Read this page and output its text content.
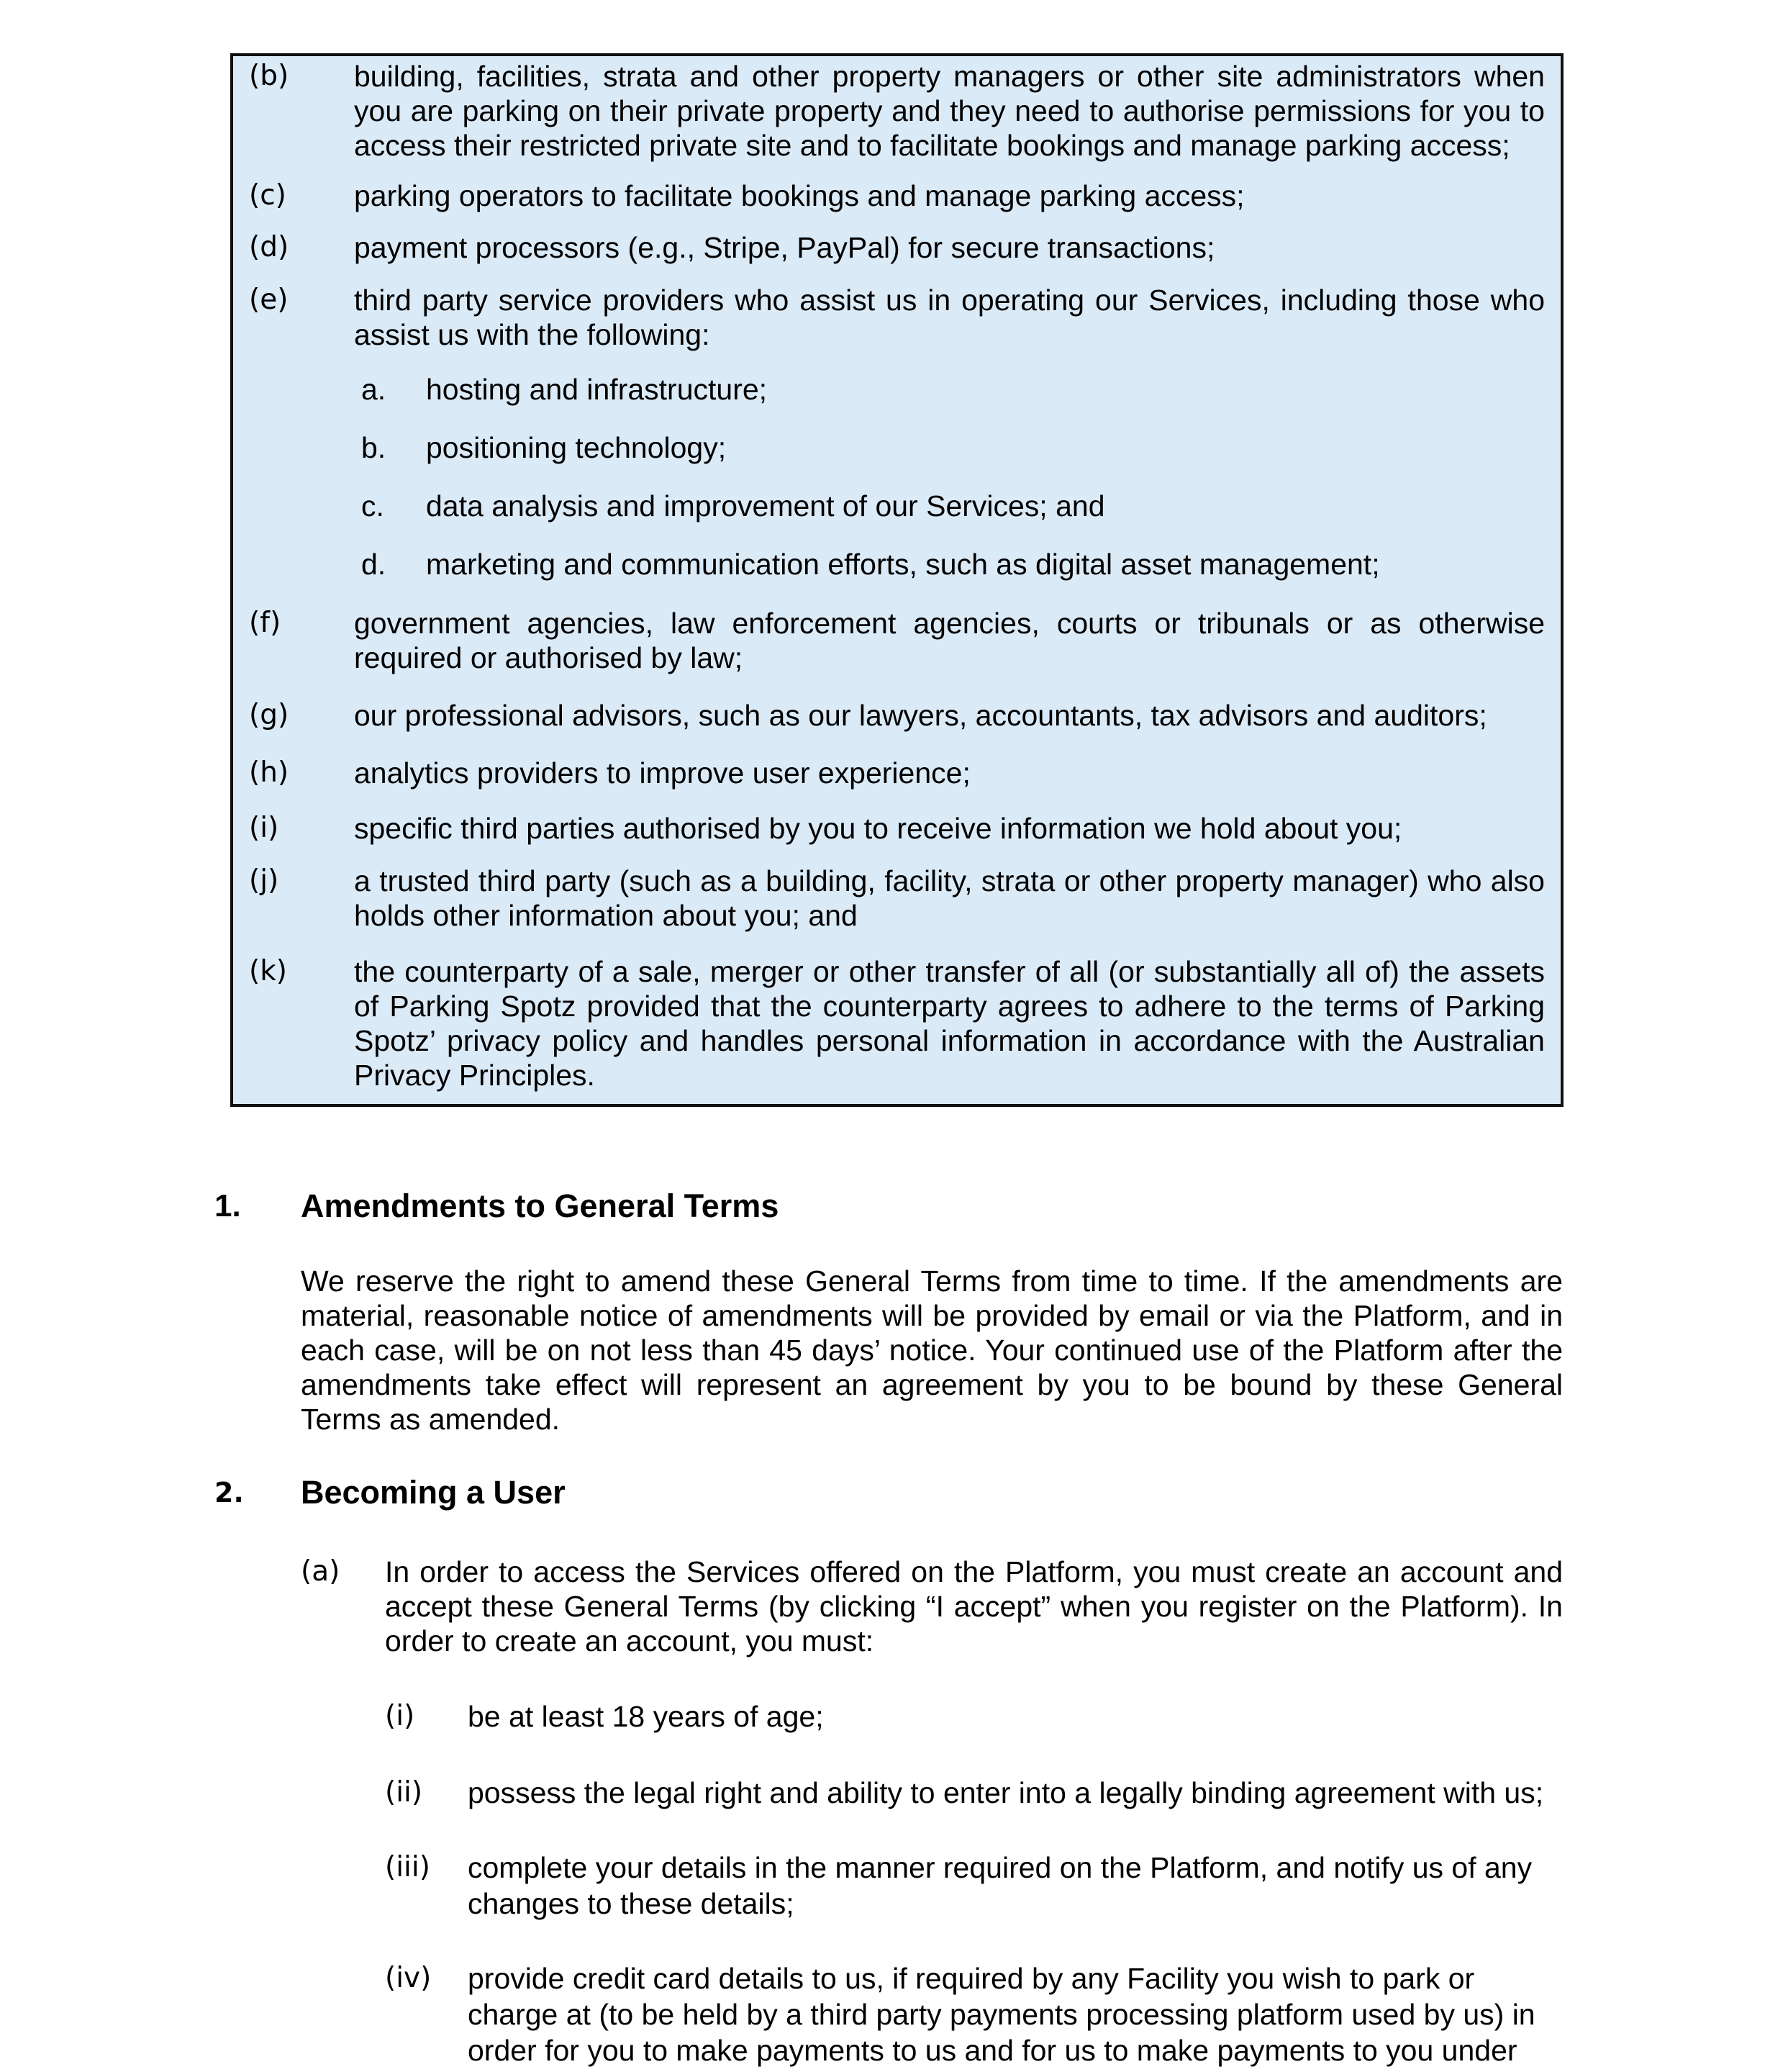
(b) building, facilities, strata and other property managers or other site administrators when you are parking on their private property and they need to authorise permissions for you to access their restricted private site and to facilitate bookings and manage parking access;
(c) parking operators to facilitate bookings and manage parking access;
(d) payment processors (e.g., Stripe, PayPal) for secure transactions;
(e) third party service providers who assist us in operating our Services, including those who assist us with the following:
a. hosting and infrastructure;
b. positioning technology;
c. data analysis and improvement of our Services; and
d. marketing and communication efforts, such as digital asset management;
(f) government agencies, law enforcement agencies, courts or tribunals or as otherwise required or authorised by law;
(g) our professional advisors, such as our lawyers, accountants, tax advisors and auditors;
(h) analytics providers to improve user experience;
(i)	specific third parties authorised by you to receive information we hold about you;
(j)	a trusted third party (such as a building, facility, strata or other property manager) who also holds other information about you; and
(k) the counterparty of a sale, merger or other transfer of all (or substantially all of) the assets of Parking Spotz provided that the counterparty agrees to adhere to the terms of Parking Spotz’ privacy policy and handles personal information in accordance with the Australian Privacy Principles.
1. Amendments to General Terms
We reserve the right to amend these General Terms from time to time. If the amendments are material, reasonable notice of amendments will be provided by email or via the Platform, and in each case, will be on not less than 45 days’ notice. Your continued use of the Platform after the amendments take effect will represent an agreement by you to be bound by these General Terms as amended.
2. Becoming a User
(a) In order to access the Services offered on the Platform, you must create an account and accept these General Terms (by clicking “I accept” when you register on the Platform). In order to create an account, you must:
(i) be at least 18 years of age;
(ii) possess the legal right and ability to enter into a legally binding agreement with us;
(iii) complete your details in the manner required on the Platform, and notify us of any changes to these details;
(iv) provide credit card details to us, if required by any Facility you wish to park or charge at (to be held by a third party payments processing platform used by us) in order for you to make payments to us and for us to make payments to you under
